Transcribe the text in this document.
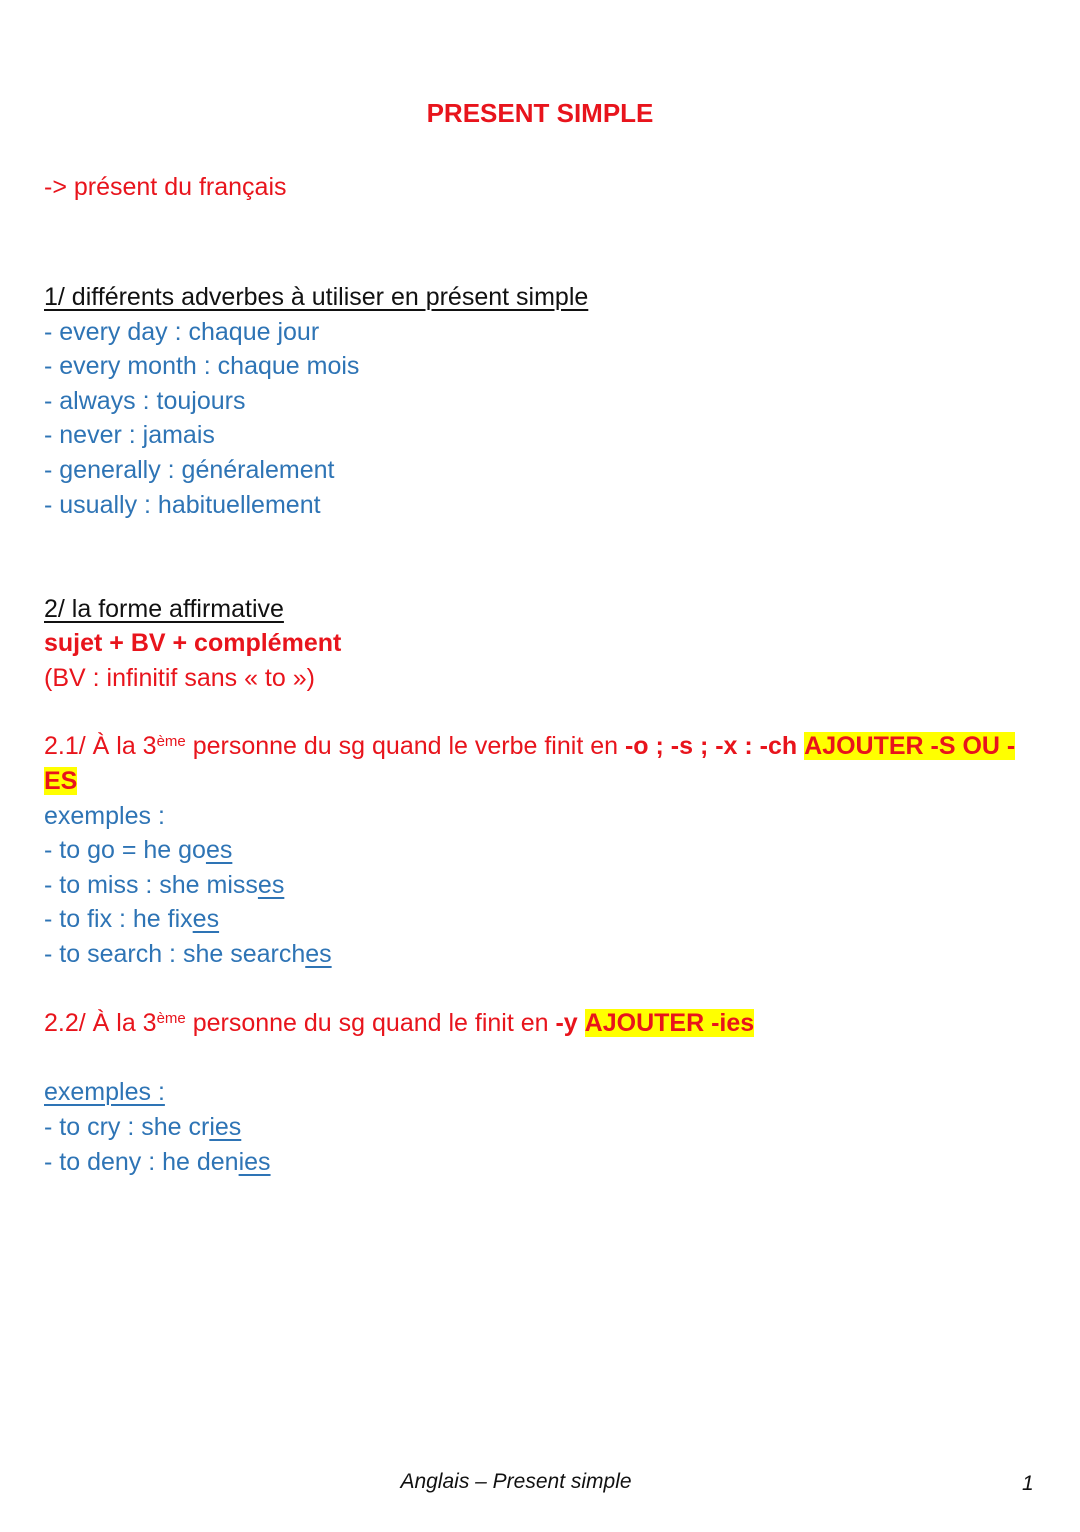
PRESENT SIMPLE
-> présent du français
1/ différents adverbes à utiliser en présent simple
- every day : chaque jour
- every month : chaque mois
- always : toujours
- never : jamais
- generally : généralement
- usually : habituellement
2/ la forme affirmative
sujet + BV + complément
(BV : infinitif sans « to »)
2.1/ À la 3ème personne du sg quand le verbe finit en -o ; -s ; -x : -ch AJOUTER -S OU -
ES
exemples :
- to go = he goes
- to miss : she misses
- to fix : he fixes
- to search : she searches
2.2/ À la 3ème personne du sg quand le finit en -y AJOUTER -ies
exemples :
- to cry : she cries
- to deny : he denies
Anglais – Present simple	1
